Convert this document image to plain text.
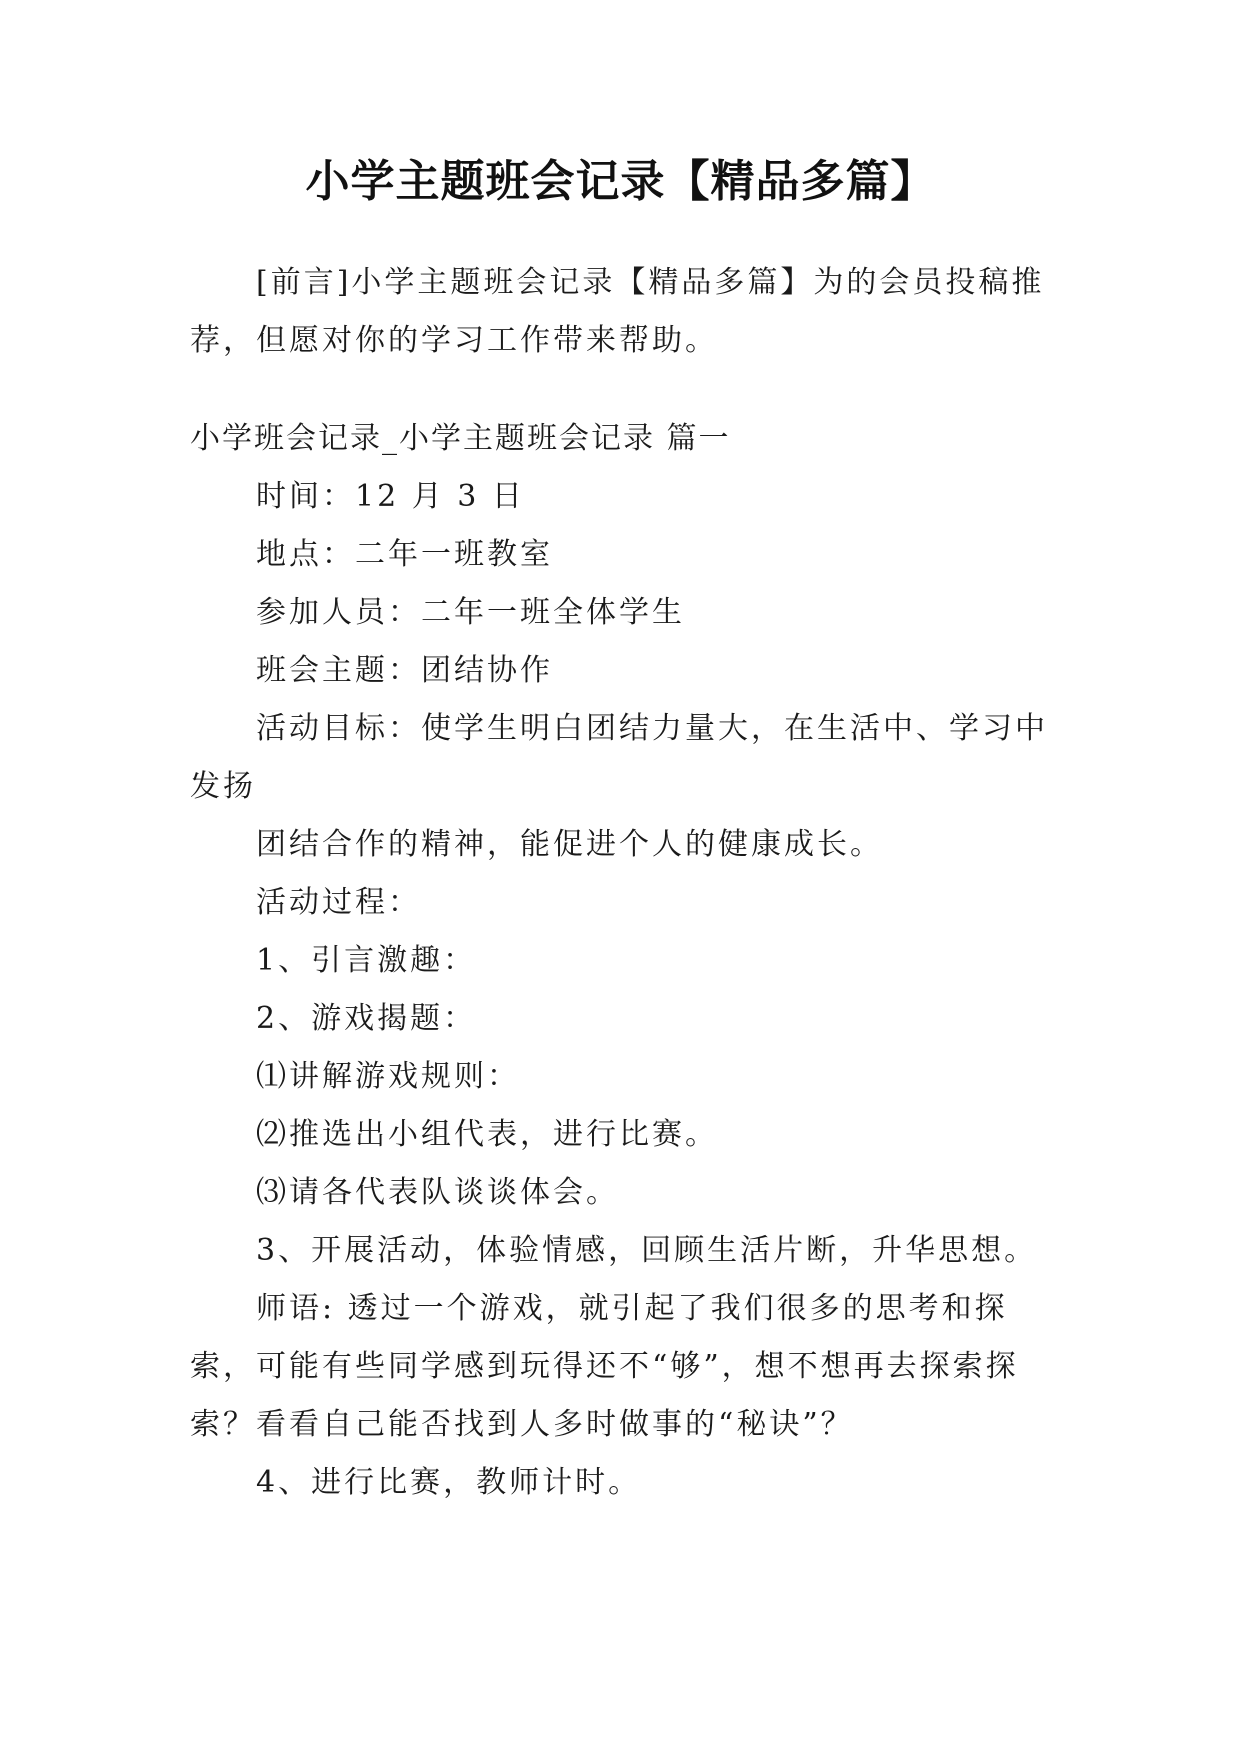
小学主题班会记录【精品多篇】

[前言]小学主题班会记录【精品多篇】为的会员投稿推荐，但愿对你的学习工作带来帮助。

小学班会记录_小学主题班会记录 篇一

时间：12 月 3 日

地点：二年一班教室

参加人员：二年一班全体学生

班会主题：团结协作

活动目标：使学生明白团结力量大，在生活中、学习中发扬

团结合作的精神，能促进个人的健康成长。

活动过程：

1、引言激趣：

2、游戏揭题：

⑴讲解游戏规则：

⑵推选出小组代表，进行比赛。

⑶请各代表队谈谈体会。

3、开展活动，体验情感，回顾生活片断，升华思想。

师语: 透过一个游戏，就引起了我们很多的思考和探索，可能有些同学感到玩得还不“够”，想不想再去探索探索？看看自己能否找到人多时做事的“秘诀”？

4、进行比赛，教师计时。
